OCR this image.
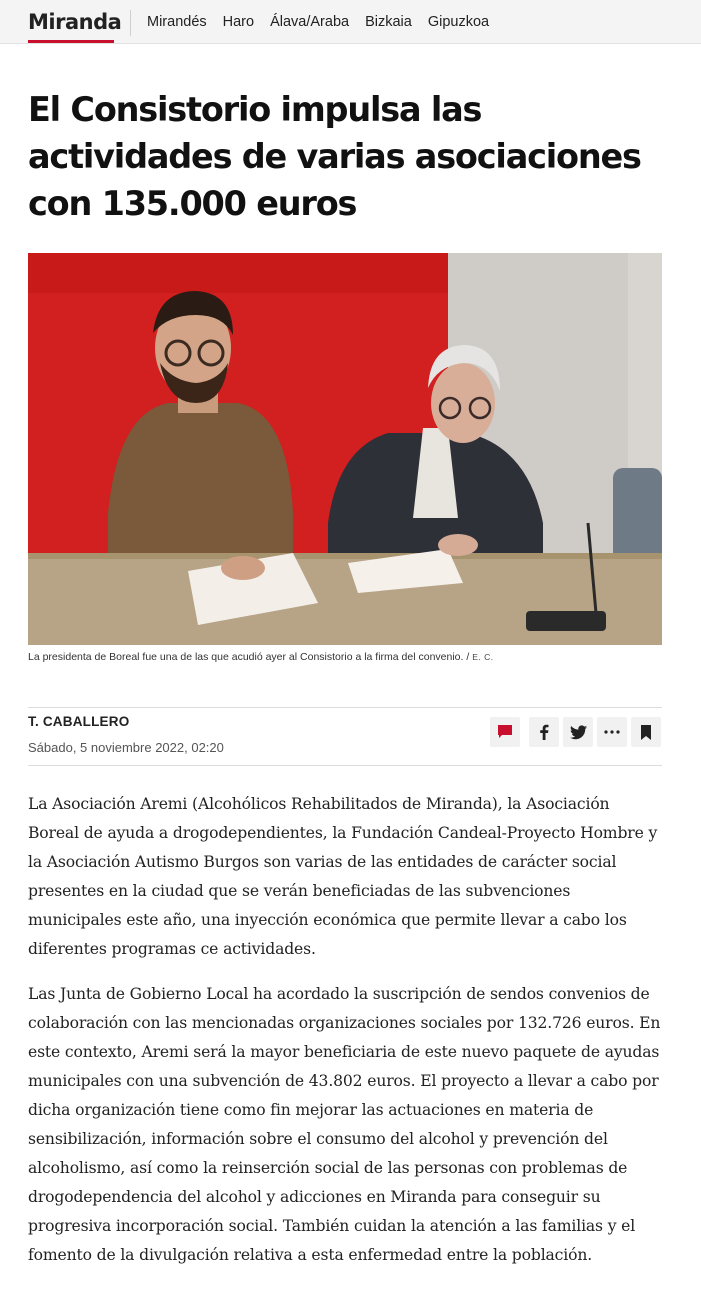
Miranda Mirandés Haro Álava/Araba Bizkaia Gipuzkoa
El Consistorio impulsa las actividades de varias asociaciones con 135.000 euros

La presidenta de Boreal fue una de las que acudió ayer al Consistorio a la firma del convenio. / E. C.

T. CABALLERO
Sábado, 5 noviembre 2022, 02:20

La Asociación Aremi (Alcohólicos Rehabilitados de Miranda), la Asociación Boreal de ayuda a drogodependientes, la Fundación Candeal-Proyecto Hombre y la Asociación Autismo Burgos son varias de las entidades de carácter social presentes en la ciudad que se verán beneficiadas de las subvenciones municipales este año, una inyección económica que permite llevar a cabo los diferentes programas ce actividades.

Las Junta de Gobierno Local ha acordado la suscripción de sendos convenios de colaboración con las mencionadas organizaciones sociales por 132.726 euros. En este contexto, Aremi será la mayor beneficiaria de este nuevo paquete de ayudas municipales con una subvención de 43.802 euros. El proyecto a llevar a cabo por dicha organización tiene como fin mejorar las actuaciones en materia de sensibilización, información sobre el consumo del alcohol y prevención del alcoholismo, así como la reinserción social de las personas con problemas de drogodependencia del alcohol y adicciones en Miranda para conseguir su progresiva incorporación social. También cuidan la atención a las familias y el fomento de la divulgación relativa a esta enfermedad entre la población.
